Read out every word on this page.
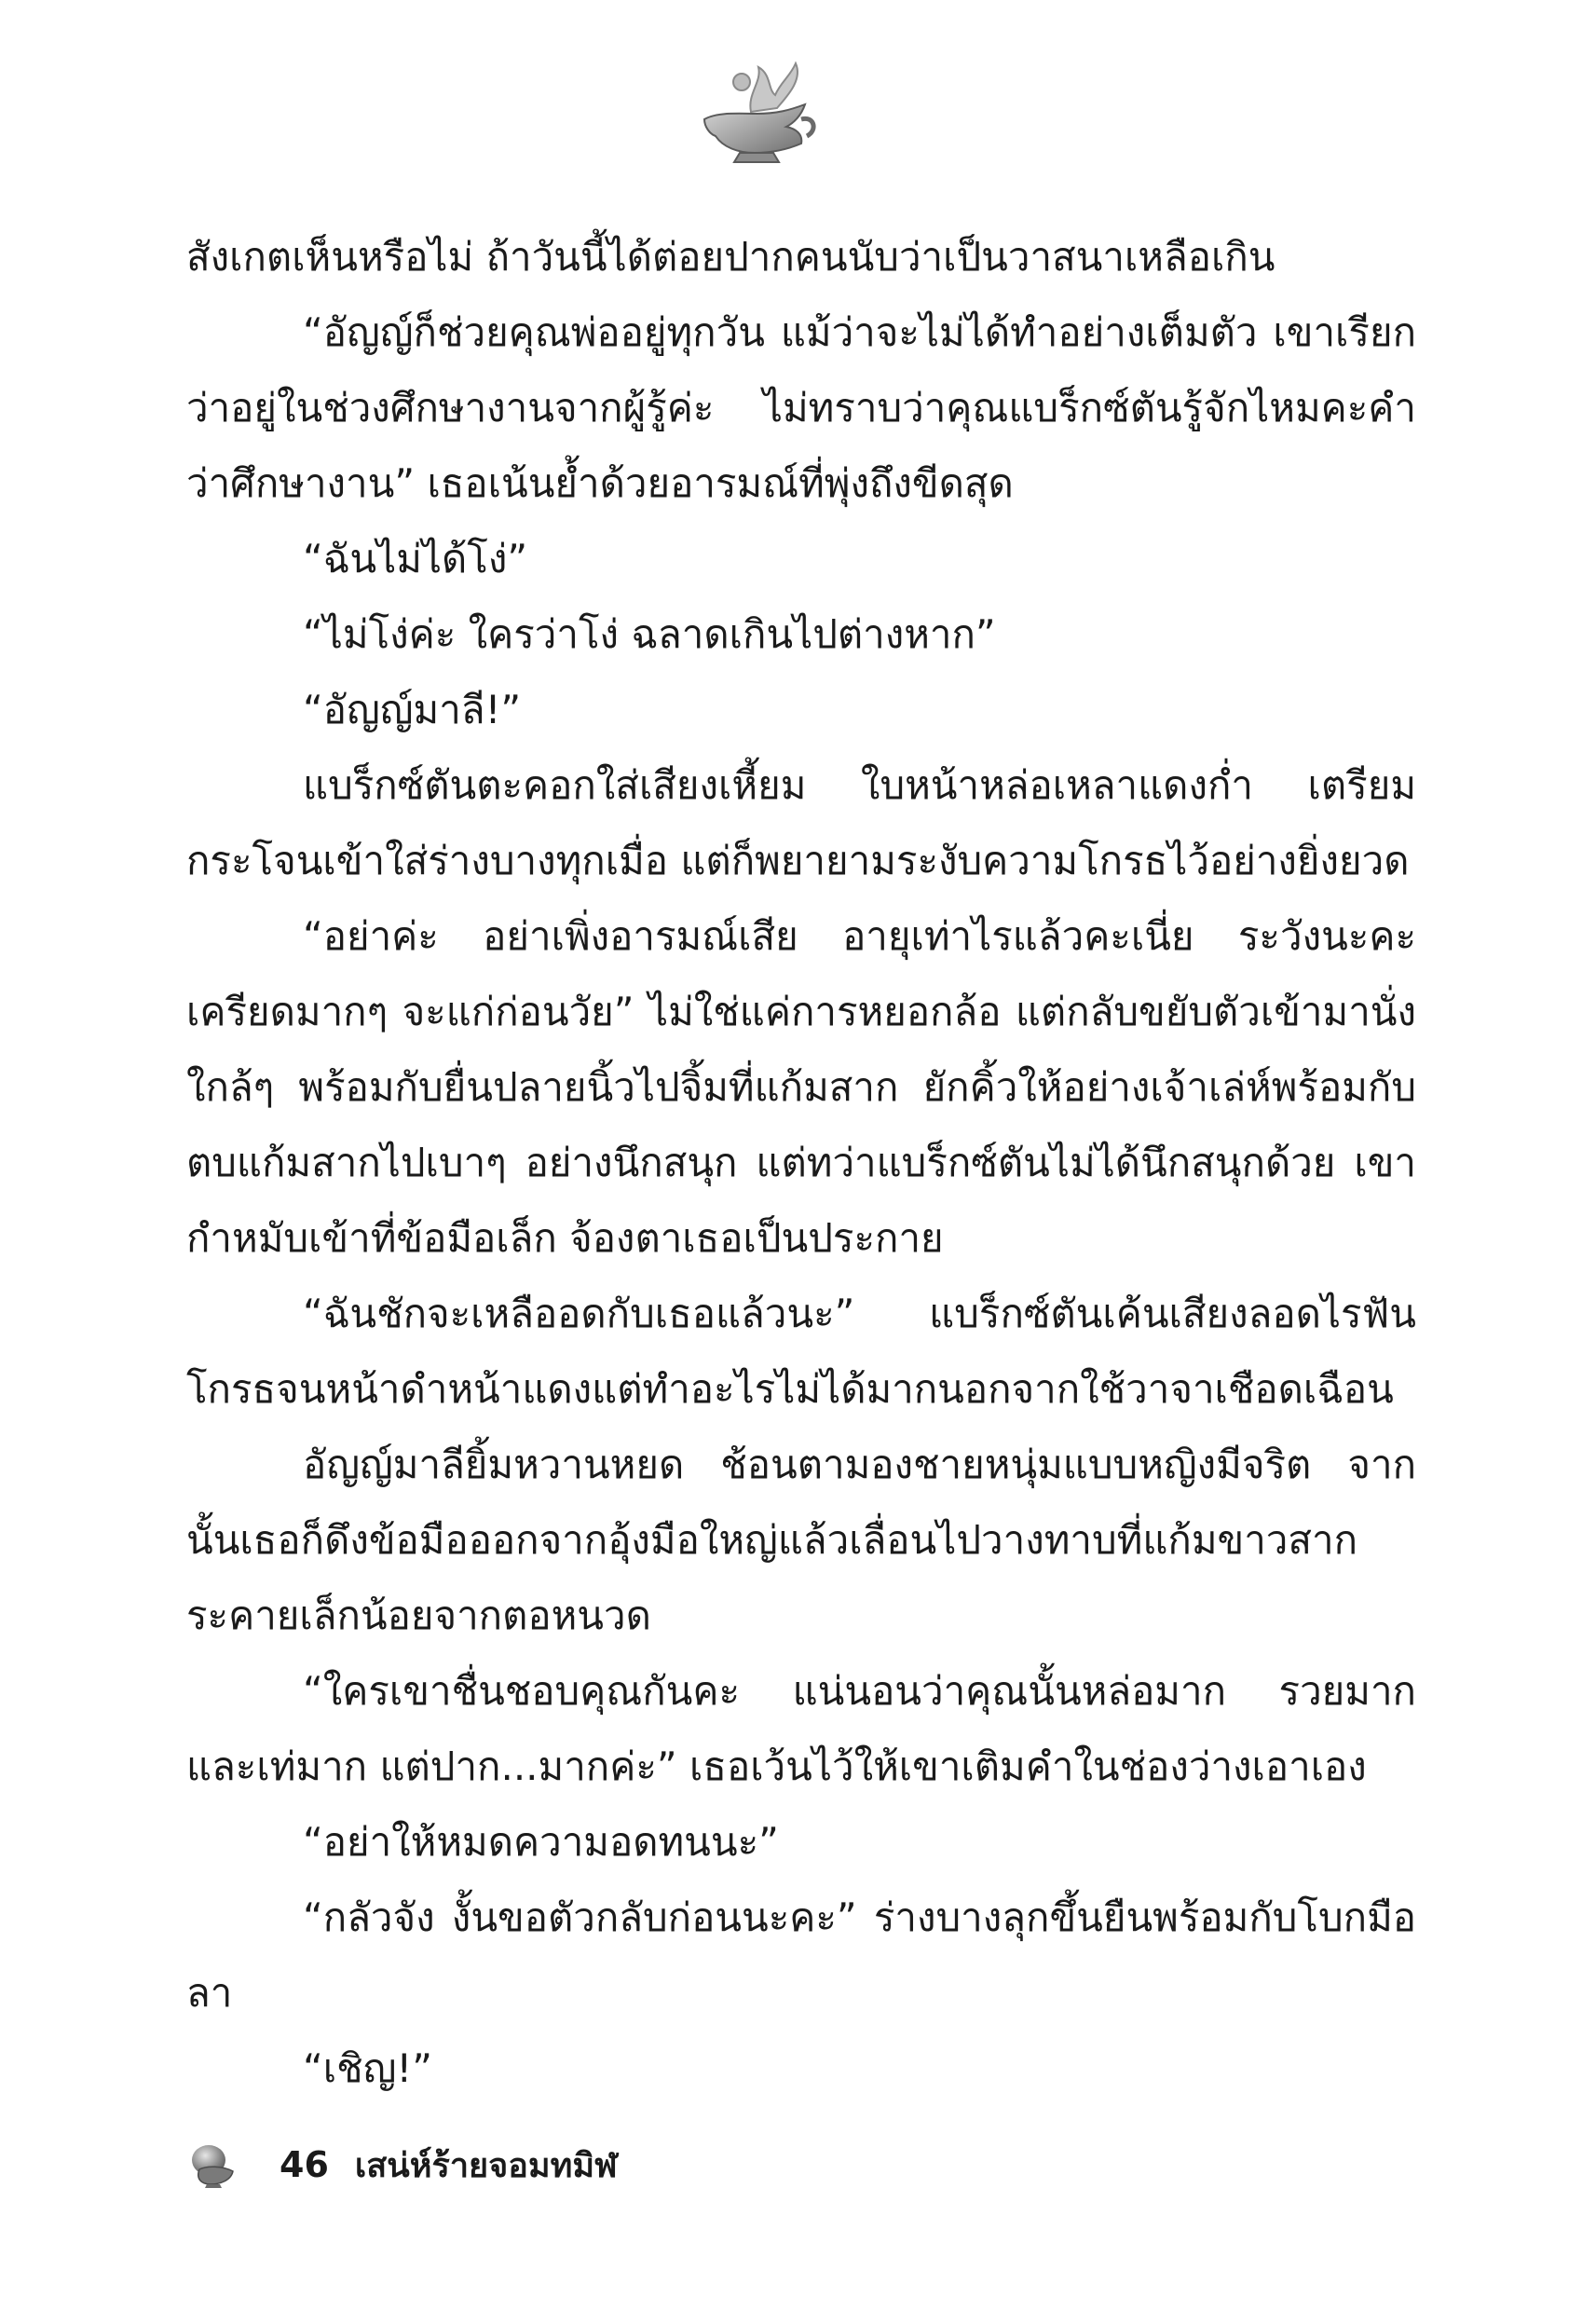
สังเกตเห็นหรือไม่ ถ้าวันนี้ได้ต่อยปากคนนับว่าเป็นวาสนาเหลือเกิน

“อัญญ์ก็ช่วยคุณพ่ออยู่ทุกวัน แม้ว่าจะไม่ได้ทำอย่างเต็มตัว เขาเรียกว่าอยู่ในช่วงศึกษางานจากผู้รู้ค่ะ ไม่ทราบว่าคุณแบร็กซ์ตันรู้จักไหมคะคำว่าศึกษางาน” เธอเน้นย้ำด้วยอารมณ์ที่พุ่งถึงขีดสุด

“ฉันไม่ได้โง่”

“ไม่โง่ค่ะ ใครว่าโง่ ฉลาดเกินไปต่างหาก”

“อัญญ์มาลี!”

แบร็กซ์ตันตะคอกใส่เสียงเหี้ยม ใบหน้าหล่อเหลาแดงก่ำ เตรียมกระโจนเข้าใส่ร่างบางทุกเมื่อ แต่ก็พยายามระงับความโกรธไว้อย่างยิ่งยวด

“อย่าค่ะ อย่าเพิ่งอารมณ์เสีย อายุเท่าไรแล้วคะเนี่ย ระวังนะคะ เครียดมากๆ จะแก่ก่อนวัย” ไม่ใช่แค่การหยอกล้อ แต่กลับขยับตัวเข้ามานั่งใกล้ๆ พร้อมกับยื่นปลายนิ้วไปจิ้มที่แก้มสาก ยักคิ้วให้อย่างเจ้าเล่ห์พร้อมกับตบแก้มสากไปเบาๆ อย่างนึกสนุก แต่ทว่าแบร็กซ์ตันไม่ได้นึกสนุกด้วย เขากำหมับเข้าที่ข้อมือเล็ก จ้องตาเธอเป็นประกาย

“ฉันชักจะเหลืออดกับเธอแล้วนะ” แบร็กซ์ตันเค้นเสียงลอดไรฟันโกรธจนหน้าดำหน้าแดงแต่ทำอะไรไม่ได้มากนอกจากใช้วาจาเชือดเฉือน

อัญญ์มาลียิ้มหวานหยด ช้อนตามองชายหนุ่มแบบหญิงมีจริต จากนั้นเธอก็ดึงข้อมือออกจากอุ้งมือใหญ่แล้วเลื่อนไปวางทาบที่แก้มขาวสากระคายเล็กน้อยจากตอหนวด

“ใครเขาชื่นชอบคุณกันคะ แน่นอนว่าคุณนั้นหล่อมาก รวยมาก และเท่มาก แต่ปาก...มากค่ะ” เธอเว้นไว้ให้เขาเติมคำในช่องว่างเอาเอง

“อย่าให้หมดความอดทนนะ”

“กลัวจัง งั้นขอตัวกลับก่อนนะคะ” ร่างบางลุกขึ้นยืนพร้อมกับโบกมือลา

“เชิญ!”

46 เสน่ห์ร้ายจอมทมิฬ
